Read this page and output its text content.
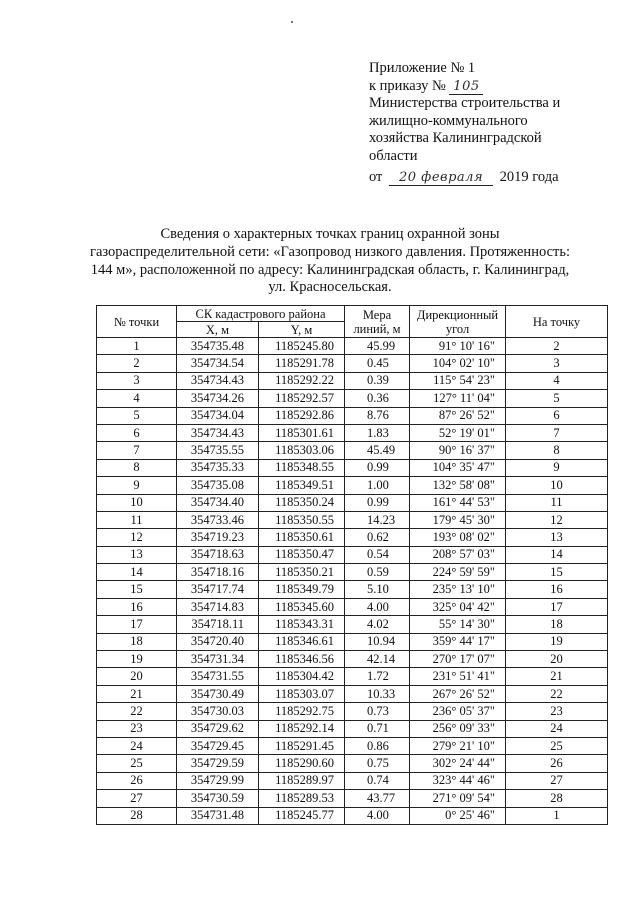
Приложение № 1
к приказу № 105
Министерства строительства и
жилищно-коммунального
хозяйства Калининградской
области
от 20 февраля 2019 года
Сведения о характерных точках границ охранной зоны
газораспределительной сети: «Газопровод низкого давления. Протяженность:
144 м», расположенной по адресу: Калининградская область, г. Калининград,
ул. Красносельская.
№ точки	СК кадастрового района		Мера линий, м	Дирекционный угол	На точку
	X, м	Y, м			
1	354735.48	1185245.80	45.99	91° 10' 16"	2
2	354734.54	1185291.78	0.45	104° 02' 10"	3
3	354734.43	1185292.22	0.39	115° 54' 23"	4
4	354734.26	1185292.57	0.36	127° 11' 04"	5
5	354734.04	1185292.86	8.76	87° 26' 52"	6
6	354734.43	1185301.61	1.83	52° 19' 01"	7
7	354735.55	1185303.06	45.49	90° 16' 37"	8
8	354735.33	1185348.55	0.99	104° 35' 47"	9
9	354735.08	1185349.51	1.00	132° 58' 08"	10
10	354734.40	1185350.24	0.99	161° 44' 53"	11
11	354733.46	1185350.55	14.23	179° 45' 30"	12
12	354719.23	1185350.61	0.62	193° 08' 02"	13
13	354718.63	1185350.47	0.54	208° 57' 03"	14
14	354718.16	1185350.21	0.59	224° 59' 59"	15
15	354717.74	1185349.79	5.10	235° 13' 10"	16
16	354714.83	1185345.60	4.00	325° 04' 42"	17
17	354718.11	1185343.31	4.02	55° 14' 30"	18
18	354720.40	1185346.61	10.94	359° 44' 17"	19
19	354731.34	1185346.56	42.14	270° 17' 07"	20
20	354731.55	1185304.42	1.72	231° 51' 41"	21
21	354730.49	1185303.07	10.33	267° 26' 52"	22
22	354730.03	1185292.75	0.73	236° 05' 37"	23
23	354729.62	1185292.14	0.71	256° 09' 33"	24
24	354729.45	1185291.45	0.86	279° 21' 10"	25
25	354729.59	1185290.60	0.75	302° 24' 44"	26
26	354729.99	1185289.97	0.74	323° 44' 46"	27
27	354730.59	1185289.53	43.77	271° 09' 54"	28
28	354731.48	1185245.77	4.00	0° 25' 46"	1
